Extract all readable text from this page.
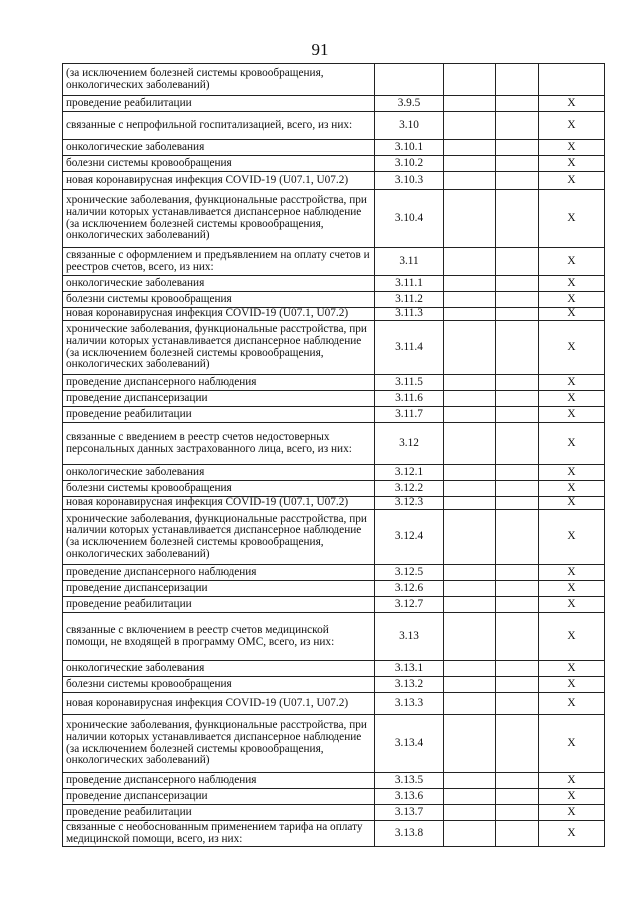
91
(за исключением болезней системы кровообращения, онкологических заболеваний)				
проведение реабилитации	3.9.5			X
связанные с непрофильной госпитализацией, всего, из них:	3.10			X
онкологические заболевания	3.10.1			X
болезни системы кровообращения	3.10.2			X
новая коронавирусная инфекция COVID-19 (U07.1, U07.2)	3.10.3			X
хронические заболевания, функциональные расстройства, при наличии которых устанавливается диспансерное наблюдение (за исключением болезней системы кровообращения, онкологических заболеваний)	3.10.4			X
связанные с оформлением и предъявлением на оплату счетов и реестров счетов, всего, из них:	3.11			X
онкологические заболевания	3.11.1			X
болезни системы кровообращения	3.11.2			X
новая коронавирусная инфекция COVID-19 (U07.1, U07.2)	3.11.3			X
хронические заболевания, функциональные расстройства, при наличии которых устанавливается диспансерное наблюдение (за исключением болезней системы кровообращения, онкологических заболеваний)	3.11.4			X
проведение диспансерного наблюдения	3.11.5			X
проведение диспансеризации	3.11.6			X
проведение реабилитации	3.11.7			X
связанные с введением в реестр счетов недостоверных персональных данных застрахованного лица, всего, из них:	3.12			X
онкологические заболевания	3.12.1			X
болезни системы кровообращения	3.12.2			X
новая коронавирусная инфекция COVID-19 (U07.1, U07.2)	3.12.3			X
хронические заболевания, функциональные расстройства, при наличии которых устанавливается диспансерное наблюдение (за исключением болезней системы кровообращения, онкологических заболеваний)	3.12.4			X
проведение диспансерного наблюдения	3.12.5			X
проведение диспансеризации	3.12.6			X
проведение реабилитации	3.12.7			X
связанные с включением в реестр счетов медицинской помощи, не входящей в программу ОМС, всего, из них:	3.13			X
онкологические заболевания	3.13.1			X
болезни системы кровообращения	3.13.2			X
новая коронавирусная инфекция COVID-19 (U07.1, U07.2)	3.13.3			X
хронические заболевания, функциональные расстройства, при наличии которых устанавливается диспансерное наблюдение (за исключением болезней системы кровообращения, онкологических заболеваний)	3.13.4			X
проведение диспансерного наблюдения	3.13.5			X
проведение диспансеризации	3.13.6			X
проведение реабилитации	3.13.7			X
связанные с необоснованным применением тарифа на оплату медицинской помощи, всего, из них:	3.13.8			X
